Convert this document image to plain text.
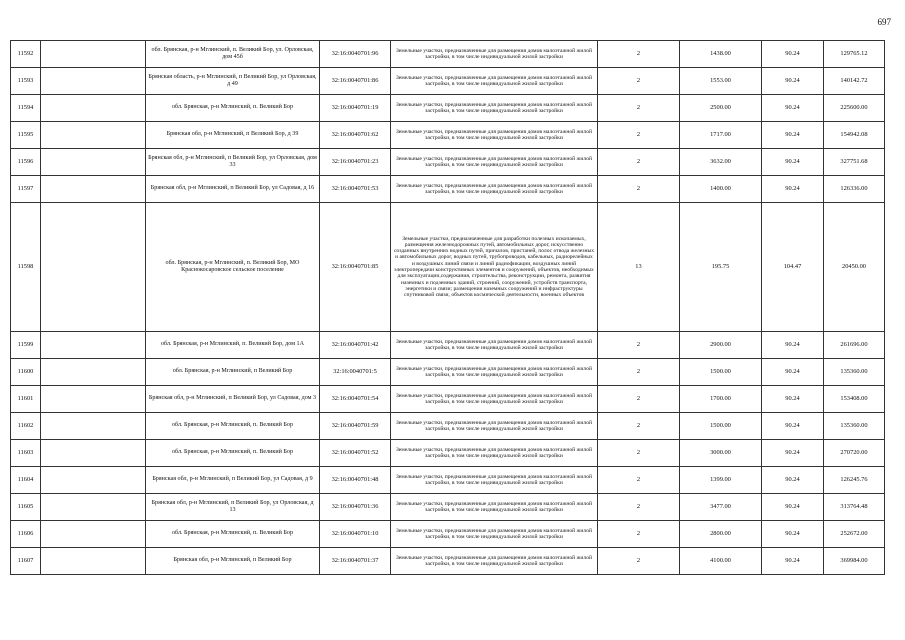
697
11592		обл. Брянская, р-н Мглинский, п. Великий Бор, ул. Орловская, дом 45б	32:16:0040701:96	Земельные участки, предназначенные для размещения домов малоэтажной жилой застройки, в том числе индивидуальной жилой застройки	2	1438.00	90.24	129765.12
11593		Брянская область, р-н Мглинский, п Великий Бор, ул Орловская, д 49	32:16:0040701:86	Земельные участки, предназначенные для размещения домов малоэтажной жилой застройки, в том числе индивидуальной жилой застройки	2	1553.00	90.24	140142.72
11594		обл. Брянская, р-н Мглинский, п. Великий Бор	32:16:0040701:19	Земельные участки, предназначенные для размещения домов малоэтажной жилой застройки, в том числе индивидуальной жилой застройки	2	2500.00	90.24	225600.00
11595		Брянская обл, р-н Мглинский, п Великий Бор, д 39	32:16:0040701:62	Земельные участки, предназначенные для размещения домов малоэтажной жилой застройки, в том числе индивидуальной жилой застройки	2	1717.00	90.24	154942.08
11596		Брянская обл, р-н Мглинский, п Великий Бор, ул Орловская, дом 33	32:16:0040701:23	Земельные участки, предназначенные для размещения домов малоэтажной жилой застройки, в том числе индивидуальной жилой застройки	2	3632.00	90.24	327751.68
11597		Брянская обл, р-н Мглинский, п Великий Бор, ул Садовая, д 16	32:16:0040701:53	Земельные участки, предназначенные для размещения домов малоэтажной жилой застройки, в том числе индивидуальной жилой застройки	2	1400.00	90.24	126336.00
11598		обл. Брянская, р-н Мглинский, п. Великий Бор, МО Краснокосаровское сельское поселение	32:16:0040701:85	Земельные участки, предназначенные для разработки полезных ископаемых, размещения железнодорожных путей, автомобильных дорог, искусственно созданных внутренних водных путей, причалов, пристаней, полос отвода железных и автомобильных дорог, водных путей, трубопроводов, кабельных, радиорелейных и воздушных линий связи и линий радиофикации, воздушных линий электропередачи конструктивных элементов и сооружений, объектов, необходимых для эксплуатации,содержания, строительства, реконструкции, ремонта, развития наземных и подземных зданий, строений, сооружений, устройств транспорта, энергетики и связи; размещения наземных сооружений и инфраструктуры спутниковой связи, объектов космической деятельности, военных объектов	13	195.75	104.47	20450.00
11599		обл. Брянская, р-н Мглинский, п. Великий Бор, дом 1А	32:16:0040701:42	Земельные участки, предназначенные для размещения домов малоэтажной жилой застройки, в том числе индивидуальной жилой застройки	2	2900.00	90.24	261696.00
11600		обл. Брянская, р-н Мглинский, п Великий Бор	32:16:0040701:5	Земельные участки, предназначенные для размещения домов малоэтажной жилой застройки, в том числе индивидуальной жилой застройки	2	1500.00	90.24	135360.00
11601		Брянская обл, р-н Мглинский, п Великий Бор, ул Садовая, дом 3	32:16:0040701:54	Земельные участки, предназначенные для размещения домов малоэтажной жилой застройки, в том числе индивидуальной жилой застройки	2	1700.00	90.24	153408.00
11602		обл. Брянская, р-н Мглинский, п. Великий Бор	32:16:0040701:59	Земельные участки, предназначенные для размещения домов малоэтажной жилой застройки, в том числе индивидуальной жилой застройки	2	1500.00	90.24	135360.00
11603		обл. Брянская, р-н Мглинский, п. Великий Бор	32:16:0040701:52	Земельные участки, предназначенные для размещения домов малоэтажной жилой застройки, в том числе индивидуальной жилой застройки	2	3000.00	90.24	270720.00
11604		Брянская обл, р-н Мглинский, п Великий Бор, ул Садовая, д 9	32:16:0040701:48	Земельные участки, предназначенные для размещения домов малоэтажной жилой застройки, в том числе индивидуальной жилой застройки	2	1399.00	90.24	126245.76
11605		Брянская обл, р-н Мглинский, п Великий Бор, ул Орловская, д 13	32:16:0040701:36	Земельные участки, предназначенные для размещения домов малоэтажной жилой застройки, в том числе индивидуальной жилой застройки	2	3477.00	90.24	313764.48
11606		обл. Брянская, р-н Мглинский, п. Великий Бор	32:16:0040701:10	Земельные участки, предназначенные для размещения домов малоэтажной жилой застройки, в том числе индивидуальной жилой застройки	2	2800.00	90.24	252672.00
11607		Брянская обл, р-н Мглинский, п Великий Бор	32:16:0040701:37	Земельные участки, предназначенные для размещения домов малоэтажной жилой застройки, в том числе индивидуальной жилой застройки	2	4100.00	90.24	369984.00
